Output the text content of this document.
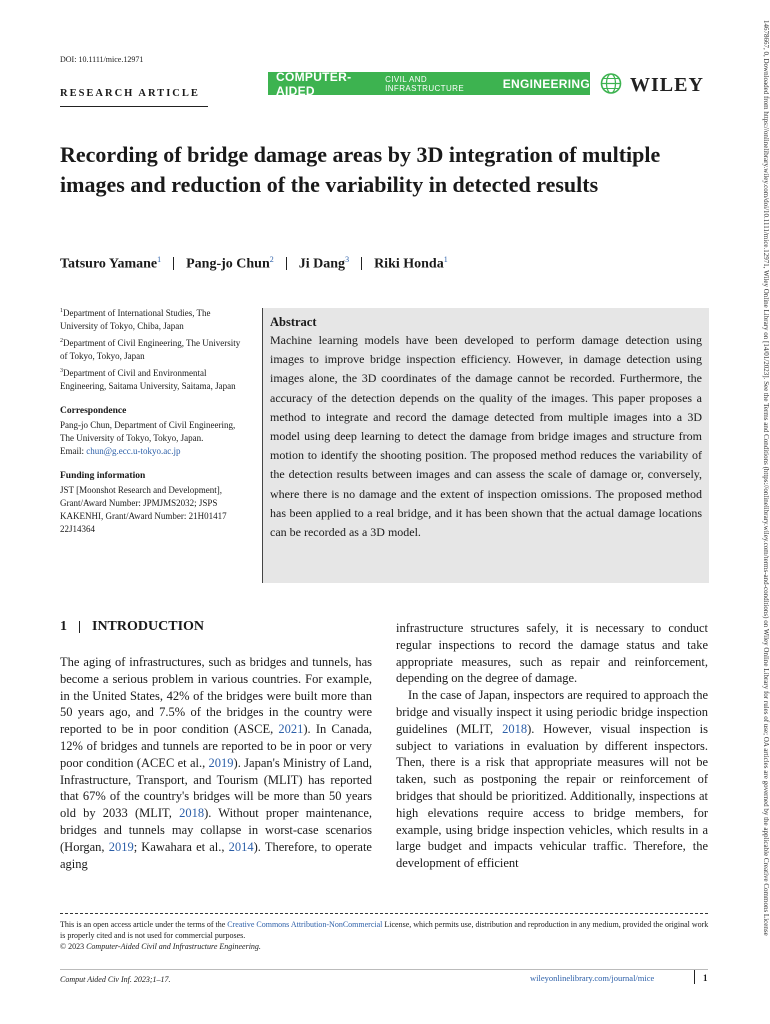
DOI: 10.1111/mice.12971
RESEARCH ARTICLE
COMPUTER-AIDED
CIVIL AND INFRASTRUCTURE	ENGINEERING WILEY
Recording of bridge damage areas by 3D integration of multiple images and reduction of the variability in detected results
Tatsuro Yamane$^1$ Pang-jo Chun$^2$ Ji Dang$^3$ Riki Honda$^1$

$^1$Department of International Studies, The University of Tokyo, Chiba, Japan

$^2$Department of Civil Engineering, The University of Tokyo, Tokyo, Japan

$^3$Department of Civil and Environmental Engineering, Saitama University, Saitama, Japan

Correspondence

Pang-jo Chun, Department of Civil Engineering, The University of Tokyo, Tokyo, Japan.
Email: chun@g.ecc.u-tokyo.ac.jp

Funding information

JST [Moonshot Research and Development], Grant/Award Number: JPMJMS2032; JSPS KAKENHI, Grant/Award Number: 21H01417 22J14364

Abstract
Machine learning models have been developed to perform damage detection using images to improve bridge inspection efficiency. However, in damage detection using images alone, the 3D coordinates of the damage cannot be recorded. Furthermore, the accuracy of the detection depends on the quality of the images. This paper proposes a method to integrate and record the damage detected from multiple images into a 3D model using deep learning to detect the damage from bridge images and structure from motion to identify the shooting position. The proposed method reduces the variability of the detection results between images and can assess the scale of damage or, conversely, where there is no damage and the extent of inspection omissions. The proposed method has been applied to a real bridge, and it has been shown that the actual damage locations can be recorded as a 3D model.
1 INTRODUCTION

The aging of infrastructures, such as bridges and tunnels, has become a serious problem in various countries. For example, in the United States, 42% of the bridges were built more than 50 years ago, and 7.5% of the bridges in the country were reported to be in poor condition (ASCE, 2021). In Canada, 12% of bridges and tunnels are reported to be in poor or very poor condition (ACEC et al., 2019). Japan's Ministry of Land, Infrastructure, Transport, and Tourism (MLIT) has reported that 67% of the country's bridges will be more than 50 years old by 2033 (MLIT, 2018). Without proper maintenance, bridges and tunnels may collapse in worst-case scenarios (Horgan, 2019; Kawahara et al., 2014). Therefore, to operate aging

infrastructure structures safely, it is necessary to conduct regular inspections to record the damage status and take appropriate measures, such as repair and reinforcement, depending on the degree of damage.

In the case of Japan, inspectors are required to approach the bridge and visually inspect it using periodic bridge inspection guidelines (MLIT, 2018). However, visual inspection is subject to variations in evaluation by different inspectors. Then, there is a risk that appropriate measures will not be taken, such as postponing the repair or reinforcement of bridges that should be prioritized. Additionally, inspections at high elevations require access to bridge members, for example, using bridge inspection vehicles, which results in a large budget and impacts vehicular traffic. Therefore, the development of efficient

This is an open access article under the terms of the Creative Commons Attribution-NonCommercial License, which permits use, distribution and reproduction in any medium, provided the original work is properly cited and is not used for commercial purposes.
© 2023 Computer-Aided Civil and Infrastructure Engineering.
Comput Aided Civ Inf. 2023;1–17.	wileyonlinelibrary.com/journal/mice	1
14678667, 0, Downloaded from https://onlinelibrary.wiley.com/doi/10.1111/mice.12971, Wiley Online Library on [14/01/2023]. See the Terms and Conditions (https://onlinelibrary.wiley.com/terms-and-conditions) on Wiley Online Library for rules of use; OA articles are governed by the applicable Creative Commons License
